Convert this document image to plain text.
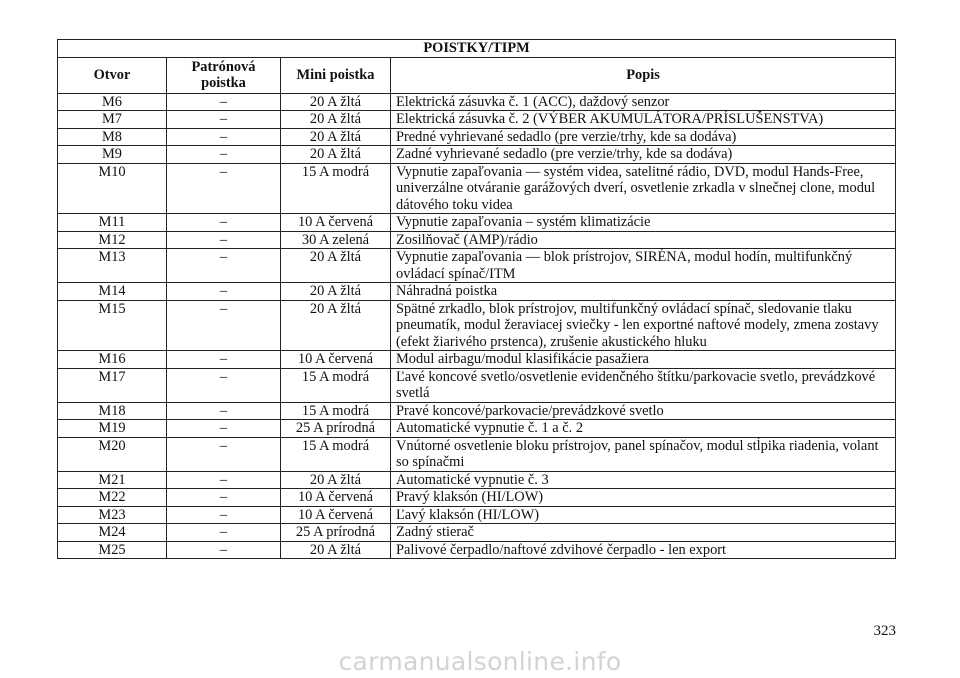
POISTKY/TIPM			
Otvor	Patrónová poistka	Mini poistka	Popis
M6	–	20 A žltá	Elektrická zásuvka č. 1 (ACC), daždový senzor
M7	–	20 A žltá	Elektrická zásuvka č. 2 (VÝBER AKUMULÁTORA/PRÍSLUŠENSTVA)
M8	–	20 A žltá	Predné vyhrievané sedadlo (pre verzie/trhy, kde sa dodáva)
M9	–	20 A žltá	Zadné vyhrievané sedadlo (pre verzie/trhy, kde sa dodáva)
M10	–	15 A modrá	Vypnutie zapaľovania — systém videa, satelitné rádio, DVD, modul Hands-Free, univerzálne otváranie garážových dverí, osvetlenie zrkadla v slnečnej clone, modul dátového toku videa
M11	–	10 A červená	Vypnutie zapaľovania – systém klimatizácie
M12	–	30 A zelená	Zosilňovač (AMP)/rádio
M13	–	20 A žltá	Vypnutie zapaľovania — blok prístrojov, SIRÉNA, modul hodín, multifunkčný ovládací spínač/ITM
M14	–	20 A žltá	Náhradná poistka
M15	–	20 A žltá	Spätné zrkadlo, blok prístrojov, multifunkčný ovládací spínač, sledovanie tlaku pneumatík, modul žeraviacej sviečky - len exportné naftové modely, zmena zostavy (efekt žiarivého prstenca), zrušenie akustického hluku
M16	–	10 A červená	Modul airbagu/modul klasifikácie pasažiera
M17	–	15 A modrá	Ľavé koncové svetlo/osvetlenie evidenčného štítku/parkovacie svetlo, prevádzkové svetlá
M18	–	15 A modrá	Pravé koncové/parkovacie/prevádzkové svetlo
M19	–	25 A prírodná	Automatické vypnutie č. 1 a č. 2
M20	–	15 A modrá	Vnútorné osvetlenie bloku prístrojov, panel spínačov, modul stĺpika riadenia, volant so spínačmi
M21	–	20 A žltá	Automatické vypnutie č. 3
M22	–	10 A červená	Pravý klaksón (HI/LOW)
M23	–	10 A červená	Ľavý klaksón (HI/LOW)
M24	–	25 A prírodná	Zadný stierač
M25	–	20 A žltá	Palivové čerpadlo/naftové zdvihové čerpadlo - len export
323
carmanualsonline.info
